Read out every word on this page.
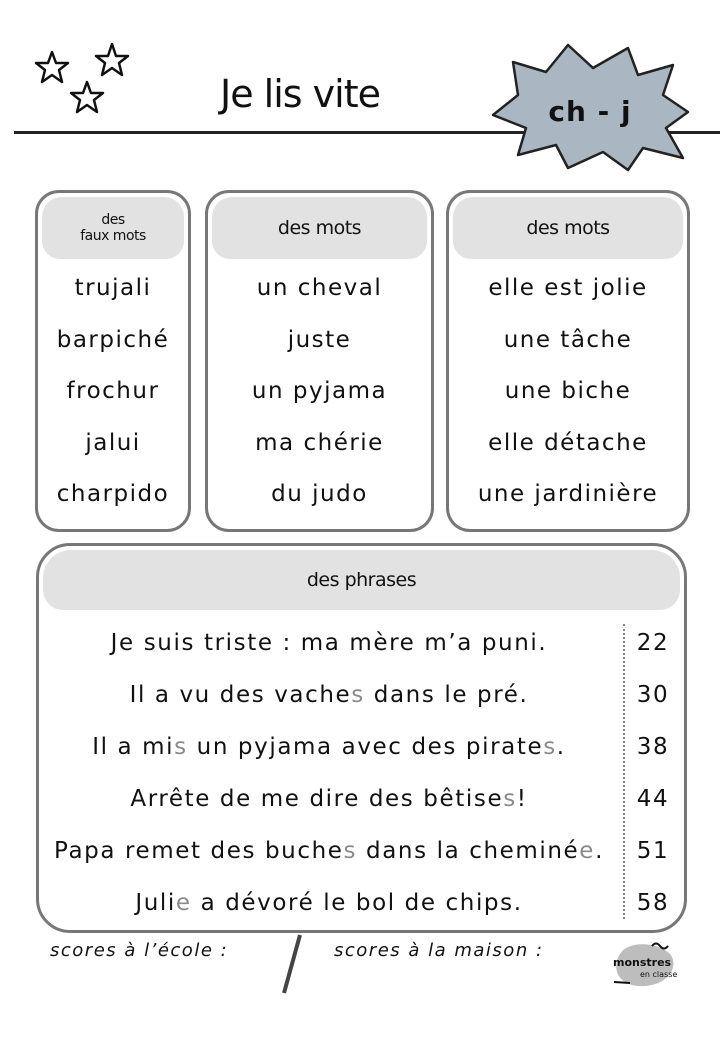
Je lis vite	ch - j
des
faux mots
trujali
barpiché
frochur
jalui
charpido
des mots
un cheval
juste
un pyjama
ma chérie
du judo
des mots
elle est jolie
une tâche
une biche
elle détache
une jardinière
des phrases
Je suis triste : ma mère m’a puni.	22
Il a vu des vaches dans le pré.	30
Il a mis un pyjama avec des pirates.	38
Arrête de me dire des bêtises!	44
Papa remet des buches dans la cheminée.	51
Julie a dévoré le bol de chips.	58
scores à l’école :	scores à la maison :
monstres
en classe
